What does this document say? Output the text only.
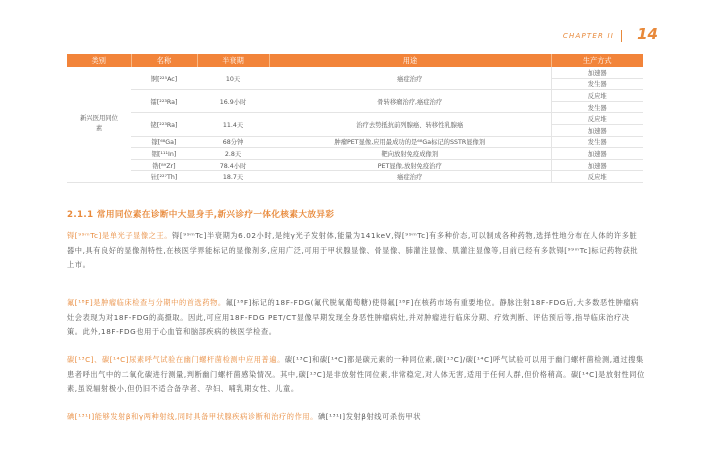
CHAPTER II 14
类别	名称	半衰期	用途	生产方式

新兴医用同位素	锕[²²⁵Ac]	10天	癌症治疗	加速器
				发生器
	镭[²²³Ra]	16.9小时	骨转移瘤治疗,癌症治疗	反应堆
				发生器
	铑[²²³Ra]	11.4天	治疗去势抵抗前列腺癌、转移性乳腺癌	反应堆
				加速器
	镓[⁶⁸Ga]	68分钟	肿瘤PET显像,应用最成功的是⁶⁸Ga标记的SSTR显像剂	发生器
	铟[¹¹¹In]	2.8天	靶向放射免疫成像剂	加速器
	锆[⁸⁹Zr]	78.4小时	PET显像,放射免疫治疗	加速器
	钍[²²⁷Th]	18.7天	癌症治疗	反应堆
2.1.1 常用同位素在诊断中大显身手,新兴诊疗一体化核素大放异彩

锝[⁹⁹ᵐTc]是单光子显像之王。锝[⁹⁹ᵐTc]半衰期为6.02小时,是纯γ光子发射体,能量为141keV,锝[⁹⁹ᵐTc]有多种价态,可以制成各种药物,选择性地分布在人体的许多脏器中,具有良好的显像剂特性,在核医学界能标记的显像剂多,应用广泛,可用于甲状腺显像、骨显像、肺灌注显像、肌灌注显像等,目前已经有多款锝[⁹⁹ᵐTc]标记药物获批上市。

氟[¹⁸F]是肿瘤临床检查与分期中的首选药物。氟[¹⁸F]标记的18F-FDG(氟代脱氧葡萄糖)使得氟[¹⁸F]在核药市场有重要地位。静脉注射18F-FDG后,大多数恶性肿瘤病灶会表现为对18F-FDG的高摄取。因此,可应用18F-FDG PET/CT显像早期发现全身恶性肿瘤病灶,并对肿瘤进行临床分期、疗效判断、评估预后等,指导临床治疗决策。此外,18F-FDG也用于心血管和脑部疾病的核医学检查。

碳[¹³C]、碳[¹⁴C]尿素呼气试验在幽门螺杆菌检测中应用普遍。碳[¹³C]和碳[¹⁴C]都是碳元素的一种同位素,碳[¹³C]/碳[¹⁴C]呼气试验可以用于幽门螺杆菌检测,通过搜集患者呼出气中的二氧化碳进行测量,判断幽门螺杆菌感染情况。其中,碳[¹³C]是非放射性同位素,非常稳定,对人体无害,适用于任何人群,但价格稍高。碳[¹⁴C]是放射性同位素,虽说辐射极小,但仍旧不适合备孕者、孕妇、哺乳期女性、儿童。

碘[¹³¹I]能够发射β和γ两种射线,同时具备甲状腺疾病诊断和治疗的作用。碘[¹³¹I]发射β射线可杀伤甲状
